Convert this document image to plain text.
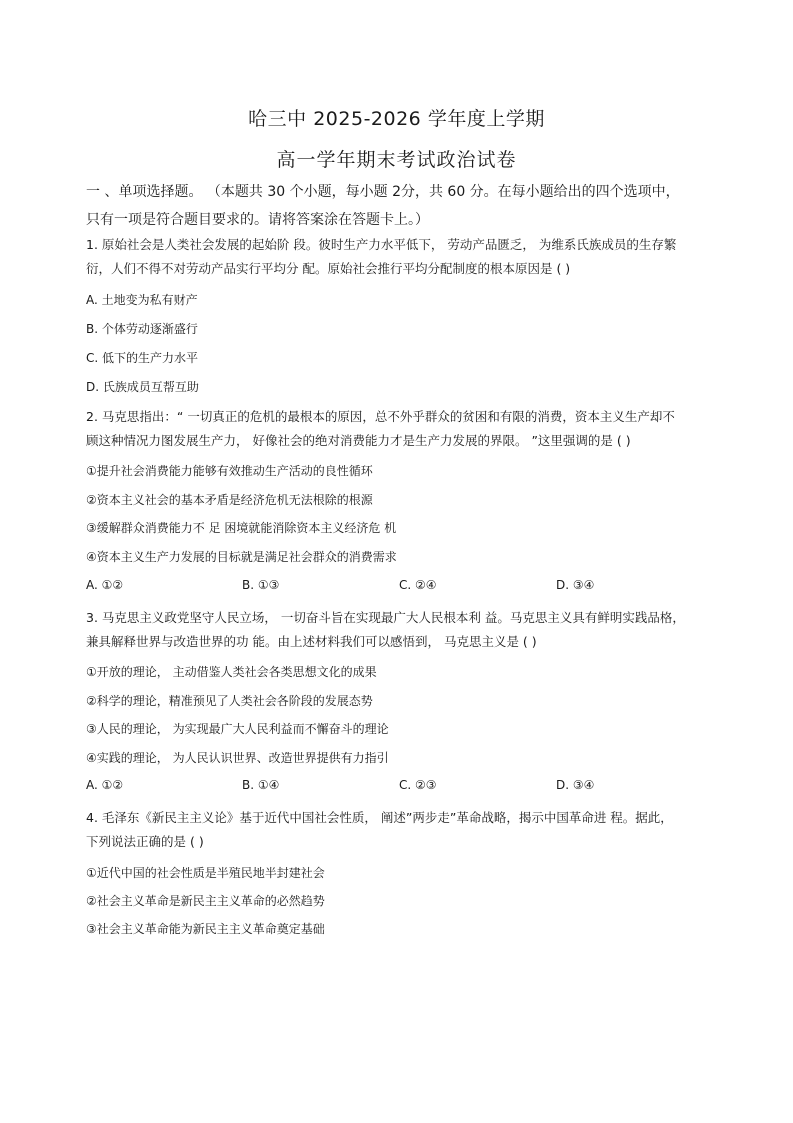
哈三中 2025-2026 学年度上学期
高一学年期末考试政治试卷
一 、单项选择题。 （本题共 30 个小题，每小题 2分，共 60 分。在每小题给出的四个选项中，
只有一项是符合题目要求的。请将答案涂在答题卡上。）
1. 原始社会是人类社会发展的起始阶 段。彼时生产力水平低下， 劳动产品匮乏， 为维系氏族成员的生存繁
衍，人们不得不对劳动产品实行平均分 配。原始社会推行平均分配制度的根本原因是 ( )
A. 土地变为私有财产
B. 个体劳动逐渐盛行
C. 低下的生产力水平
D. 氏族成员互帮互助
2. 马克思指出：“ 一切真正的危机的最根本的原因，总不外乎群众的贫困和有限的消费，资本主义生产却不
顾这种情况力图发展生产力， 好像社会的绝对消费能力才是生产力发展的界限。 ”这里强调的是 ( )
①提升社会消费能力能够有效推动生产活动的良性循环
②资本主义社会的基本矛盾是经济危机无法根除的根源
③缓解群众消费能力不 足 困境就能消除资本主义经济危 机
④资本主义生产力发展的目标就是满足社会群众的消费需求
A. ①②	B. ①③	C. ②④	D. ③④
3. 马克思主义政党坚守人民立场， 一切奋斗旨在实现最广大人民根本利 益。马克思主义具有鲜明实践品格，
兼具解释世界与改造世界的功 能。由上述材料我们可以感悟到， 马克思主义是 ( )
①开放的理论， 主动借鉴人类社会各类思想文化的成果
②科学的理论，精准预见了人类社会各阶段的发展态势
③人民的理论， 为实现最广大人民利益而不懈奋斗的理论
④实践的理论， 为人民认识世界、改造世界提供有力指引
A. ①②	B. ①④	C. ②③	D. ③④
4. 毛泽东《新民主主义论》基于近代中国社会性质， 阐述”两步走”革命战略，揭示中国革命进 程。据此，
下列说法正确的是 ( )
①近代中国的社会性质是半殖民地半封建社会
②社会主义革命是新民主主义革命的必然趋势
③社会主义革命能为新民主主义革命奠定基础
